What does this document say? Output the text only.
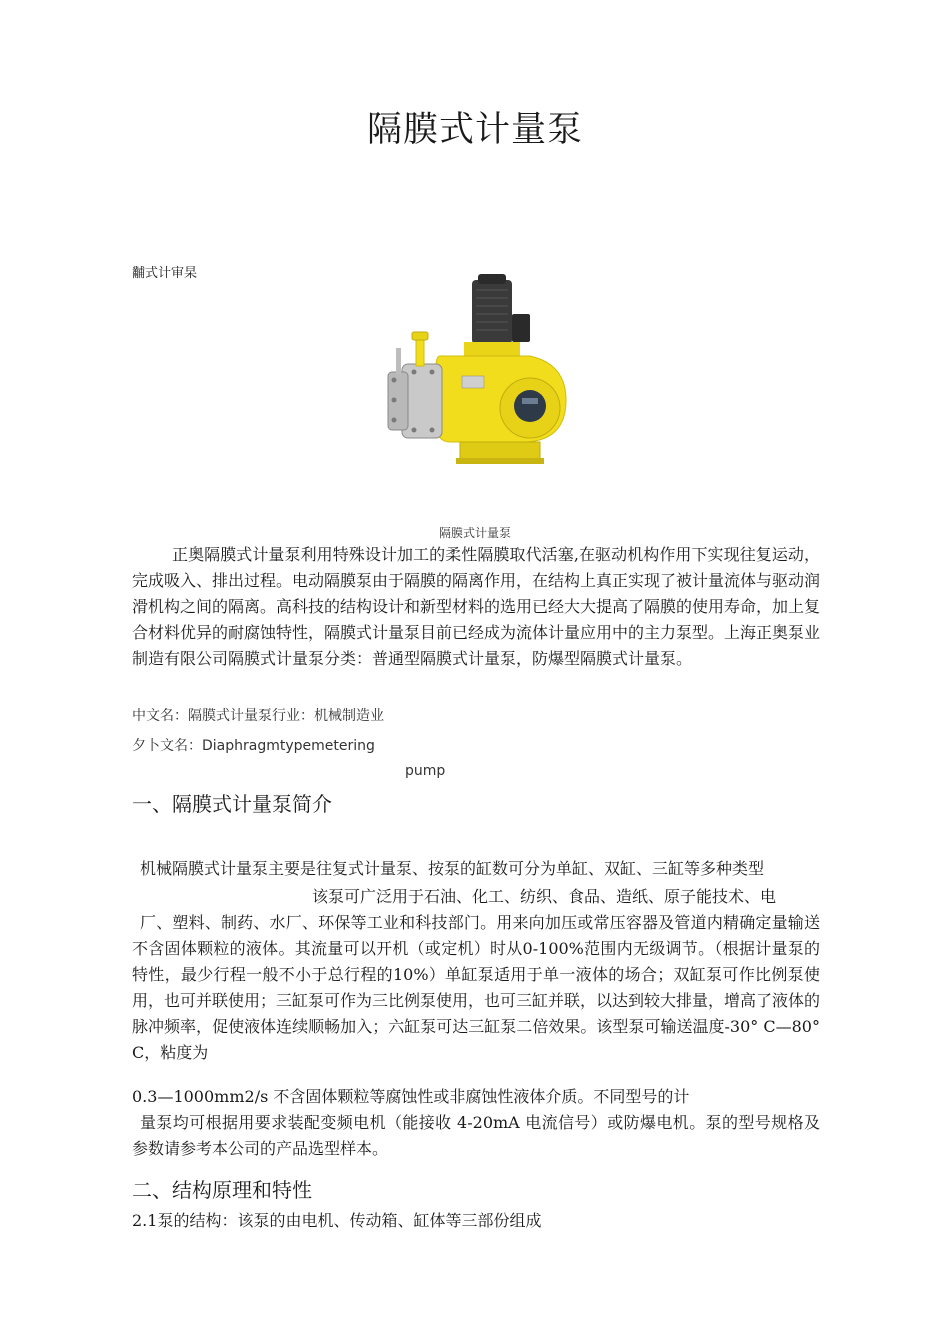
隔膜式计量泵
黼式计审杲
隔膜式计量泵
正奥隔膜式计量泵利用特殊设计加工的柔性隔膜取代活塞,在驱动机构作用下实现往复运动，完成吸入、排出过程。电动隔膜泵由于隔膜的隔离作用，在结构上真正实现了被计量流体与驱动润滑机构之间的隔离。高科技的结构设计和新型材料的选用已经大大提高了隔膜的使用寿命，加上复合材料优异的耐腐蚀特性，隔膜式计量泵目前已经成为流体计量应用中的主力泵型。上海正奥泵业制造有限公司隔膜式计量泵分类：普通型隔膜式计量泵，防爆型隔膜式计量泵。
中文名：隔膜式计量泵行业：机械制造业
夕卜文名：Diaphragmtypemetering
pump
一、隔膜式计量泵简介
机械隔膜式计量泵主要是往复式计量泵、按泵的缸数可分为单缸、双缸、三缸等多种类型
该泵可广泛用于石油、化工、纺织、食品、造纸、原子能技术、电
厂、塑料、制药、水厂、环保等工业和科技部门。用来向加压或常压容器及管道内精确定量输送不含固体颗粒的液体。其流量可以开机（或定机）时从0-100%范围内无级调节。（根据计量泵的特性，最少行程一般不小于总行程的10%）单缸泵适用于单一液体的场合；双缸泵可作比例泵使用，也可并联使用；三缸泵可作为三比例泵使用，也可三缸并联，以达到较大排量，增高了液体的脉冲频率，促使液体连续顺畅加入；六缸泵可达三缸泵二倍效果。该型泵可输送温度-30° C—80° C，粘度为
0.3—1000mm2/s 不含固体颗粒等腐蚀性或非腐蚀性液体介质。不同型号的计
量泵均可根据用要求装配变频电机（能接收 4-20mA 电流信号）或防爆电机。泵的型号规格及参数请参考本公司的产品选型样本。
二、结构原理和特性
2.1泵的结构：该泵的由电机、传动箱、缸体等三部份组成
